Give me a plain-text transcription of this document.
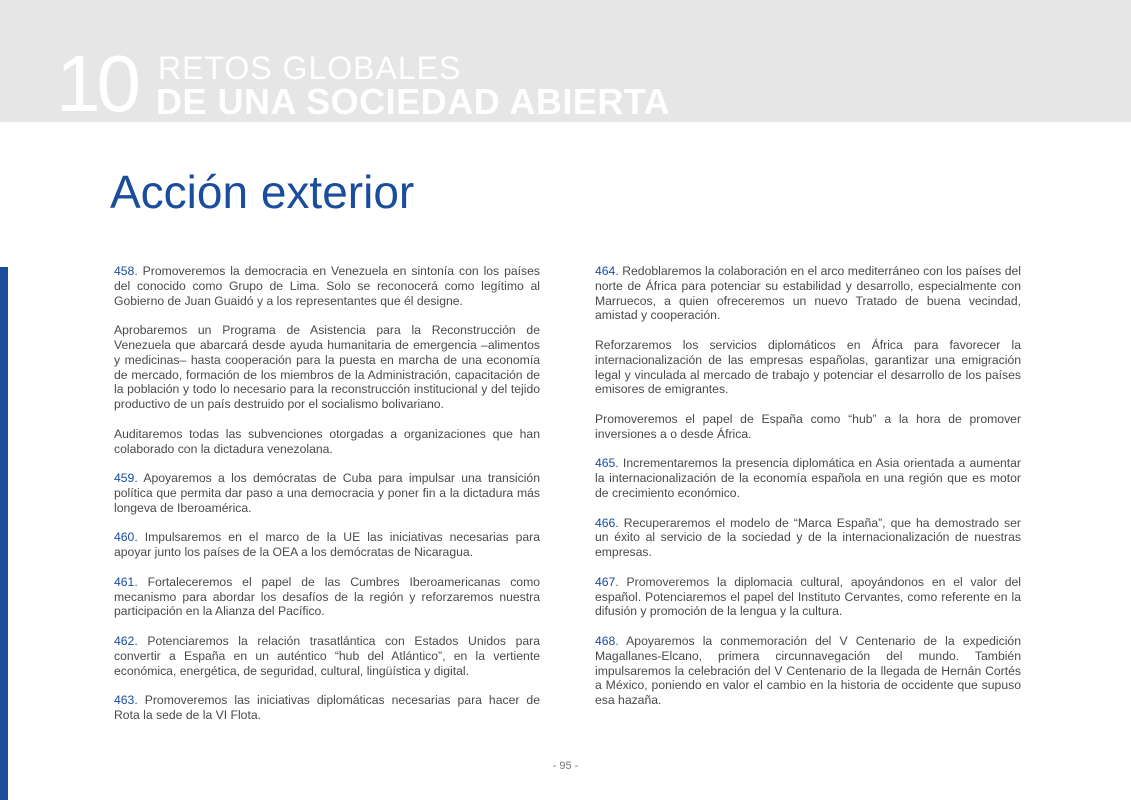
10 RETOS GLOBALES
DE UNA SOCIEDAD ABIERTA
Acción exterior

458. Promoveremos la democracia en Venezuela en sintonía con los países del conocido como Grupo de Lima. Solo se reconocerá como legítimo al Gobierno de Juan Guaidó y a los representantes que él designe.

Aprobaremos un Programa de Asistencia para la Reconstrucción de Venezuela que abarcará desde ayuda humanitaria de emergencia –alimentos y medicinas– hasta cooperación para la puesta en marcha de una economía de mercado, formación de los miembros de la Administración, capacitación de la población y todo lo necesario para la reconstrucción institucional y del tejido productivo de un país destruido por el socialismo bolivariano.

Auditaremos todas las subvenciones otorgadas a organizaciones que han colaborado con la dictadura venezolana.

459. Apoyaremos a los demócratas de Cuba para impulsar una transición política que permita dar paso a una democracia y poner fin a la dictadura más longeva de Iberoamérica.

460. Impulsaremos en el marco de la UE las iniciativas necesarias para apoyar junto los países de la OEA a los demócratas de Nicaragua.

461. Fortaleceremos el papel de las Cumbres Iberoamericanas como mecanismo para abordar los desafíos de la región y reforzaremos nuestra participación en la Alianza del Pacífico.

462. Potenciaremos la relación trasatlántica con Estados Unidos para convertir a España en un auténtico “hub del Atlántico”, en la vertiente económica, energética, de seguridad, cultural, lingüística y digital.

463. Promoveremos las iniciativas diplomáticas necesarias para hacer de Rota la sede de la VI Flota.

464. Redoblaremos la colaboración en el arco mediterráneo con los países del norte de África para potenciar su estabilidad y desarrollo, especialmente con Marruecos, a quien ofreceremos un nuevo Tratado de buena vecindad, amistad y cooperación.

Reforzaremos los servicios diplomáticos en África para favorecer la internacionalización de las empresas españolas, garantizar una emigración legal y vinculada al mercado de trabajo y potenciar el desarrollo de los países emisores de emigrantes.

Promoveremos el papel de España como “hub” a la hora de promover inversiones a o desde África.

465. Incrementaremos la presencia diplomática en Asia orientada a aumentar la internacionalización de la economía española en una región que es motor de crecimiento económico.

466. Recuperaremos el modelo de “Marca España”, que ha demostrado ser un éxito al servicio de la sociedad y de la internacionalización de nuestras empresas.

467. Promoveremos la diplomacia cultural, apoyándonos en el valor del español. Potenciaremos el papel del Instituto Cervantes, como referente en la difusión y promoción de la lengua y la cultura.

468. Apoyaremos la conmemoración del V Centenario de la expedición Magallanes-Elcano, primera circunnavegación del mundo. También impulsaremos la celebración del V Centenario de la llegada de Hernán Cortés a México, poniendo en valor el cambio en la historia de occidente que supuso esa hazaña.

- 95 -
